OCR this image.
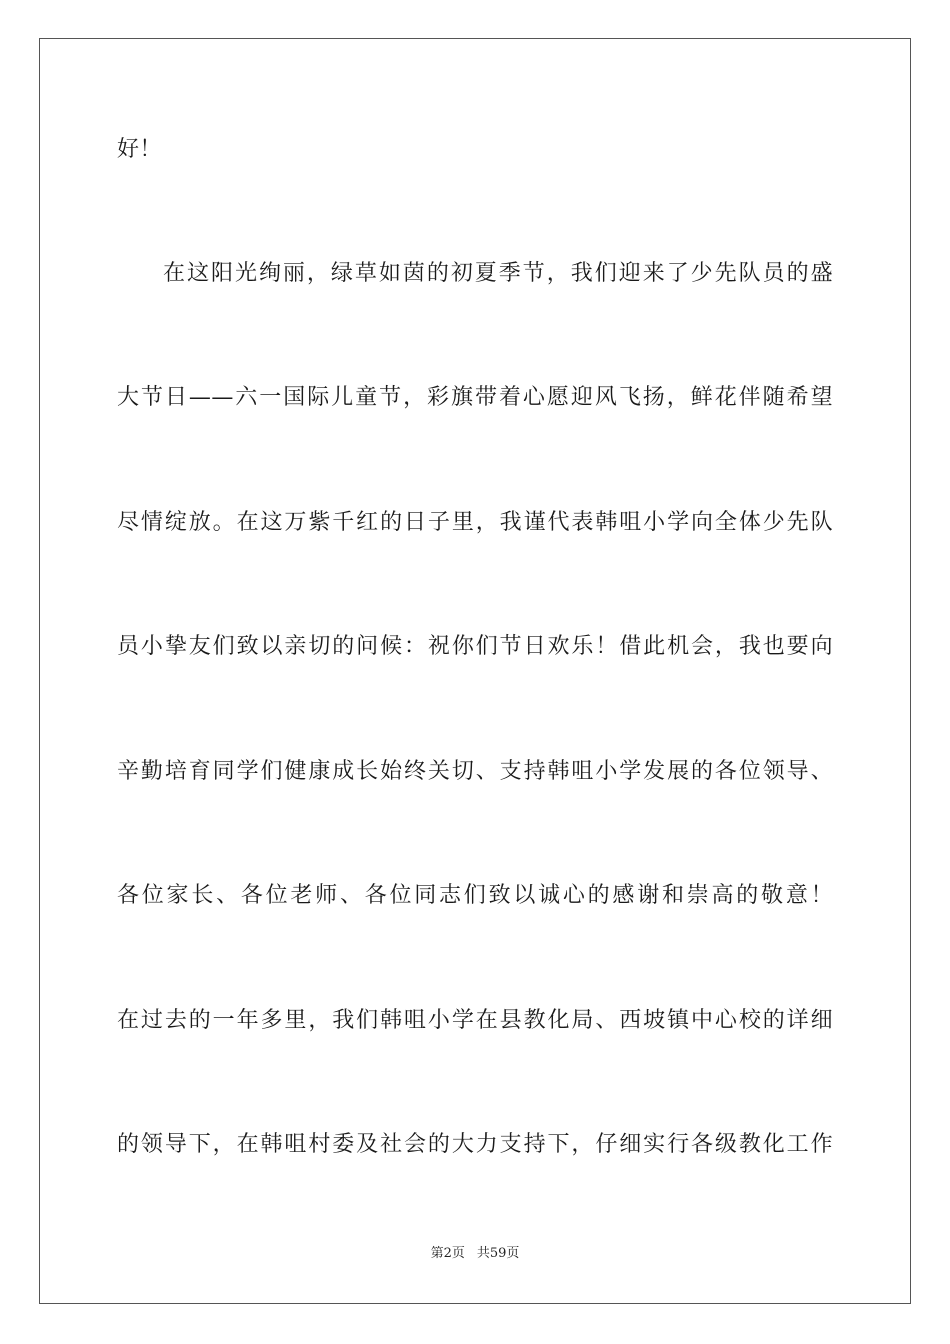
好！
在这阳光绚丽，绿草如茵的初夏季节，我们迎来了少先队员的盛
大节日——六一国际儿童节，彩旗带着心愿迎风飞扬，鲜花伴随希望
尽情绽放。在这万紫千红的日子里，我谨代表韩咀小学向全体少先队
员小挚友们致以亲切的问候：祝你们节日欢乐！借此机会，我也要向
辛勤培育同学们健康成长始终关切、支持韩咀小学发展的各位领导、
各位家长、各位老师、各位同志们致以诚心的感谢和崇高的敬意！
在过去的一年多里，我们韩咀小学在县教化局、西坡镇中心校的详细
的领导下，在韩咀村委及社会的大力支持下，仔细实行各级教化工作
第2页 共59页
